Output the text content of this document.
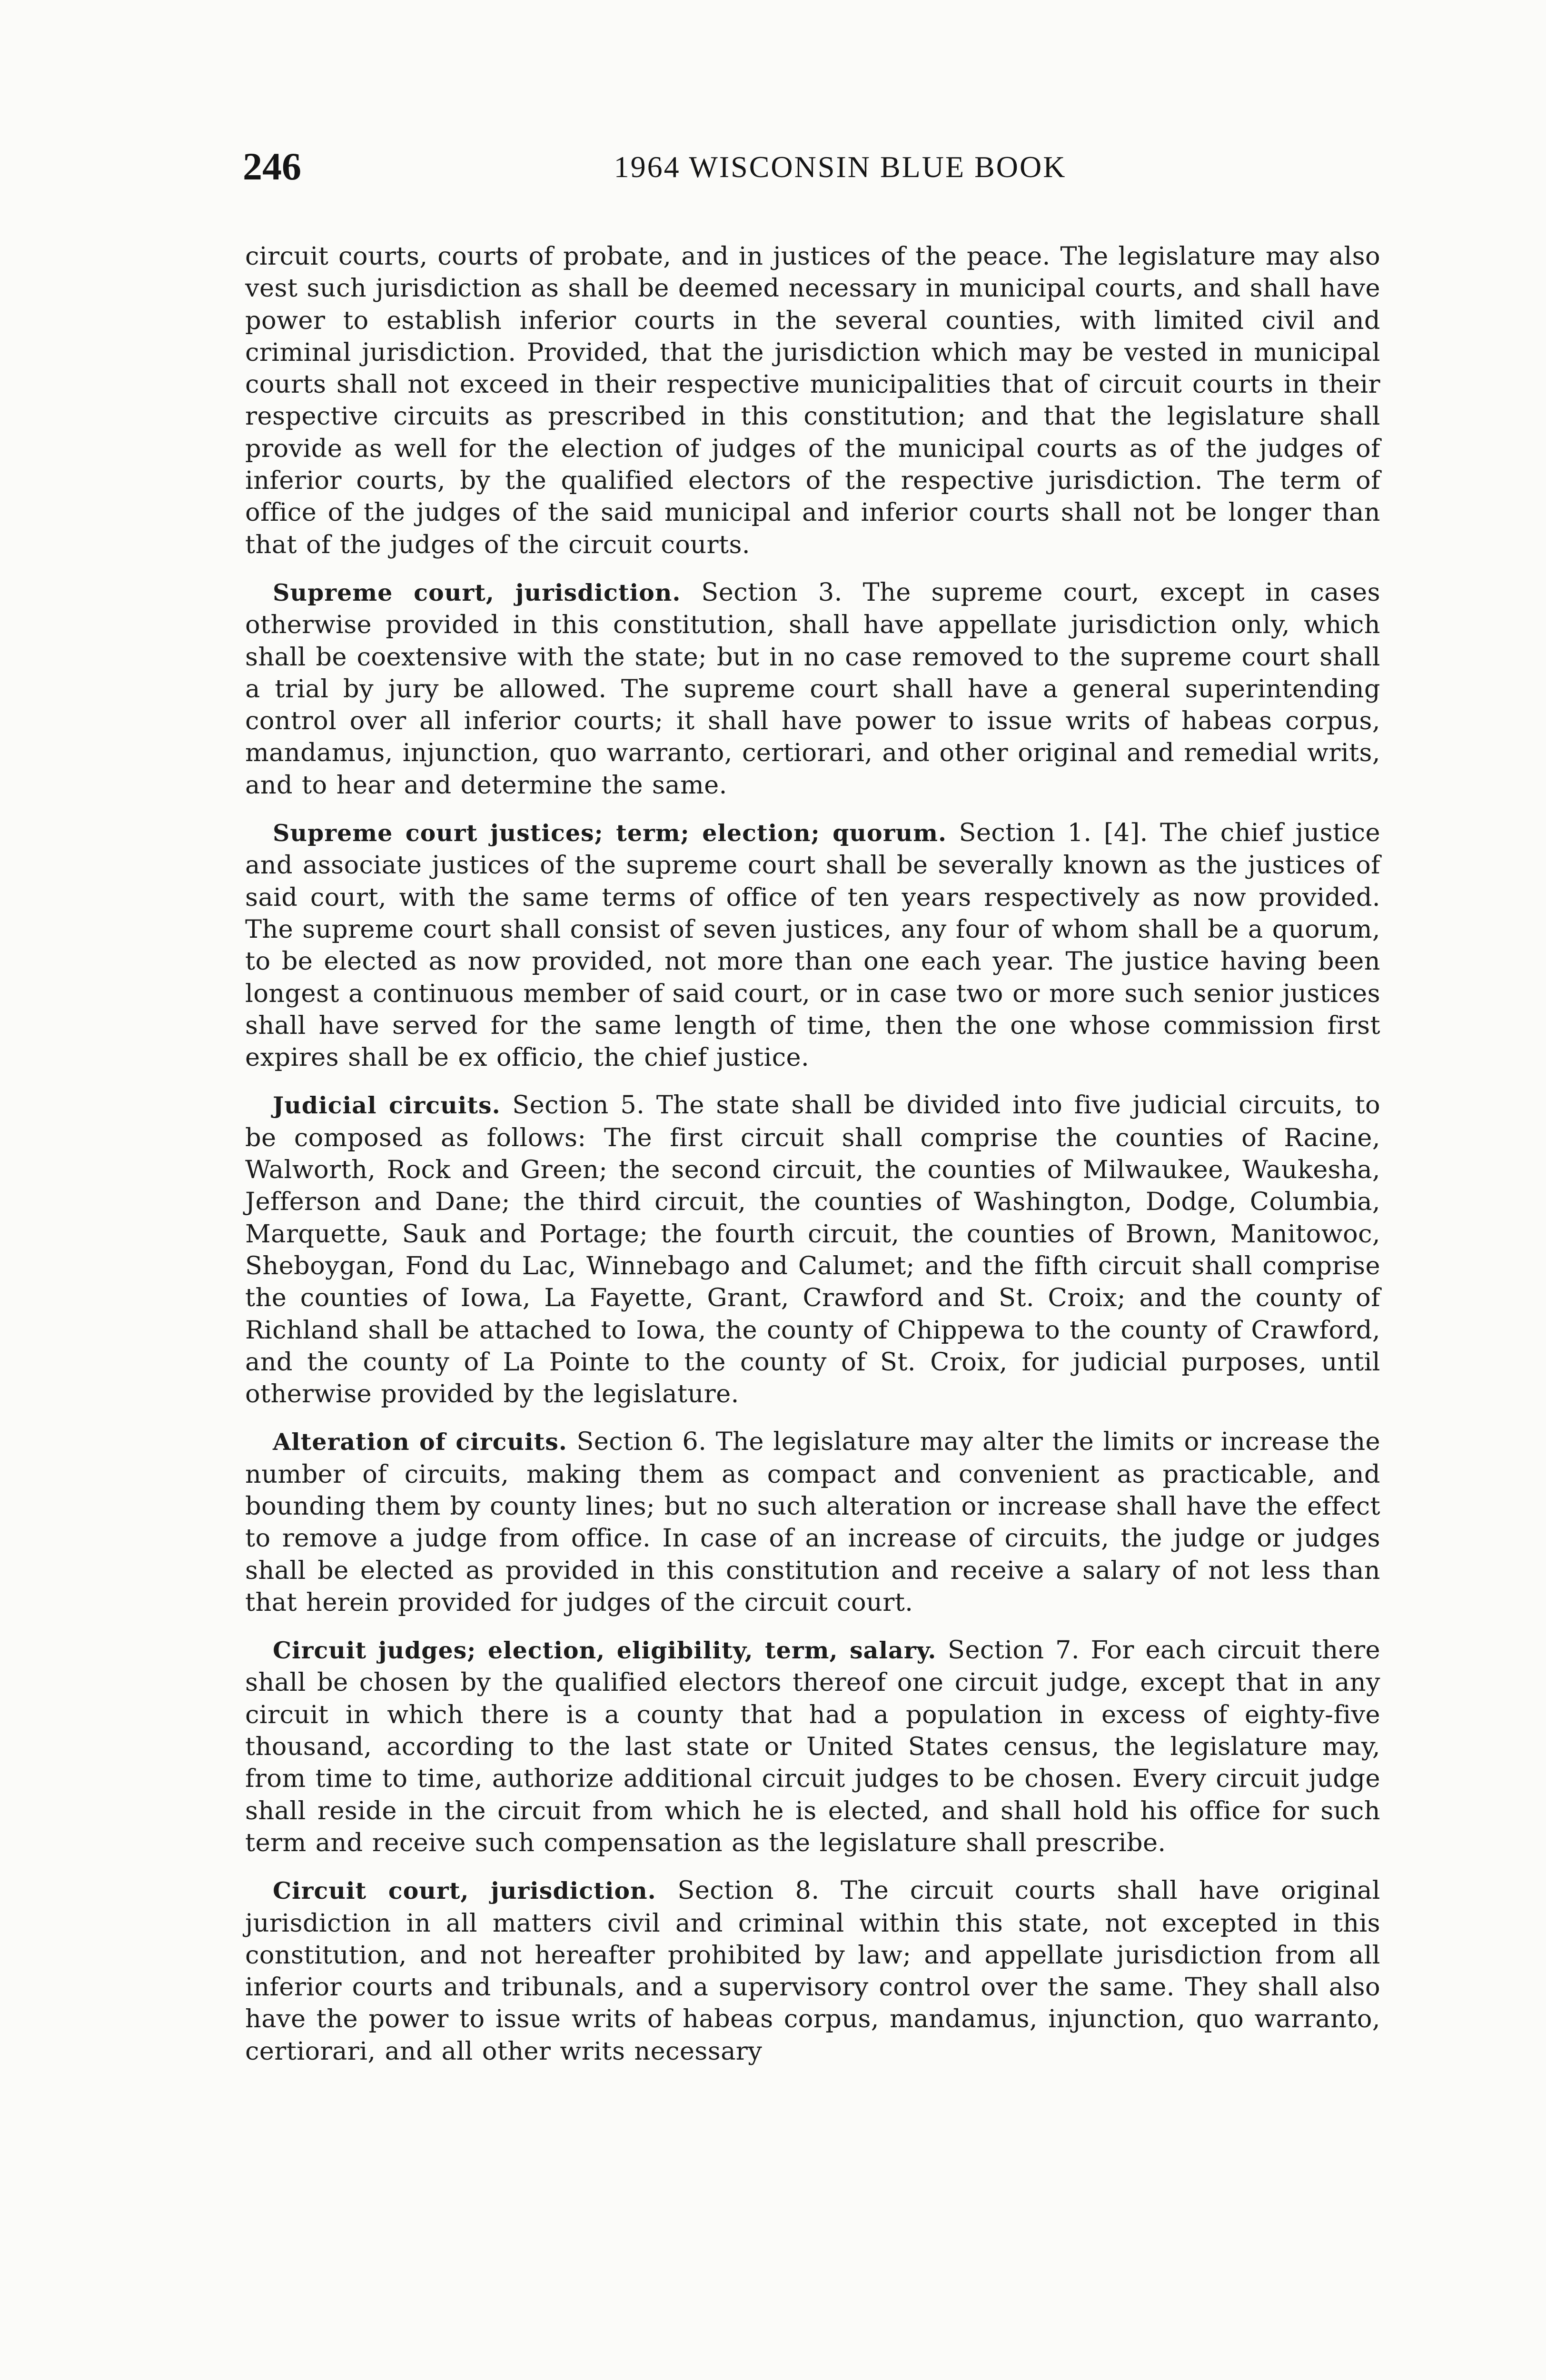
246	1964 WISCONSIN BLUE BOOK

circuit courts, courts of probate, and in justices of the peace. The legislature may also vest such jurisdiction as shall be deemed necessary in municipal courts, and shall have power to establish inferior courts in the several counties, with limited civil and criminal jurisdiction. Provided, that the jurisdiction which may be vested in municipal courts shall not exceed in their respective municipalities that of circuit courts in their respective circuits as prescribed in this constitution; and that the legislature shall provide as well for the election of judges of the municipal courts as of the judges of inferior courts, by the qualified electors of the respective jurisdiction. The term of office of the judges of the said municipal and inferior courts shall not be longer than that of the judges of the circuit courts.

Supreme court, jurisdiction. Section 3. The supreme court, except in cases otherwise provided in this constitution, shall have appellate jurisdiction only, which shall be coextensive with the state; but in no case removed to the supreme court shall a trial by jury be allowed. The supreme court shall have a general superintending control over all inferior courts; it shall have power to issue writs of habeas corpus, mandamus, injunction, quo warranto, certiorari, and other original and remedial writs, and to hear and determine the same.

Supreme court justices; term; election; quorum. Section 1. [4]. The chief justice and associate justices of the supreme court shall be severally known as the justices of said court, with the same terms of office of ten years respectively as now provided. The supreme court shall consist of seven justices, any four of whom shall be a quorum, to be elected as now provided, not more than one each year. The justice having been longest a continuous member of said court, or in case two or more such senior justices shall have served for the same length of time, then the one whose commission first expires shall be ex officio, the chief justice.

Judicial circuits. Section 5. The state shall be divided into five judicial circuits, to be composed as follows: The first circuit shall comprise the counties of Racine, Walworth, Rock and Green; the second circuit, the counties of Milwaukee, Waukesha, Jefferson and Dane; the third circuit, the counties of Washington, Dodge, Columbia, Marquette, Sauk and Portage; the fourth circuit, the counties of Brown, Manitowoc, Sheboygan, Fond du Lac, Winnebago and Calumet; and the fifth circuit shall comprise the counties of Iowa, La Fayette, Grant, Crawford and St. Croix; and the county of Richland shall be attached to Iowa, the county of Chippewa to the county of Crawford, and the county of La Pointe to the county of St. Croix, for judicial purposes, until otherwise provided by the legislature.

Alteration of circuits. Section 6. The legislature may alter the limits or increase the number of circuits, making them as compact and convenient as practicable, and bounding them by county lines; but no such alteration or increase shall have the effect to remove a judge from office. In case of an increase of circuits, the judge or judges shall be elected as provided in this constitution and receive a salary of not less than that herein provided for judges of the circuit court.

Circuit judges; election, eligibility, term, salary. Section 7. For each circuit there shall be chosen by the qualified electors thereof one circuit judge, except that in any circuit in which there is a county that had a population in excess of eighty-five thousand, according to the last state or United States census, the legislature may, from time to time, authorize additional circuit judges to be chosen. Every circuit judge shall reside in the circuit from which he is elected, and shall hold his office for such term and receive such compensation as the legislature shall prescribe.

Circuit court, jurisdiction. Section 8. The circuit courts shall have original jurisdiction in all matters civil and criminal within this state, not excepted in this constitution, and not hereafter prohibited by law; and appellate jurisdiction from all inferior courts and tribunals, and a supervisory control over the same. They shall also have the power to issue writs of habeas corpus, mandamus, injunction, quo warranto, certiorari, and all other writs necessary
